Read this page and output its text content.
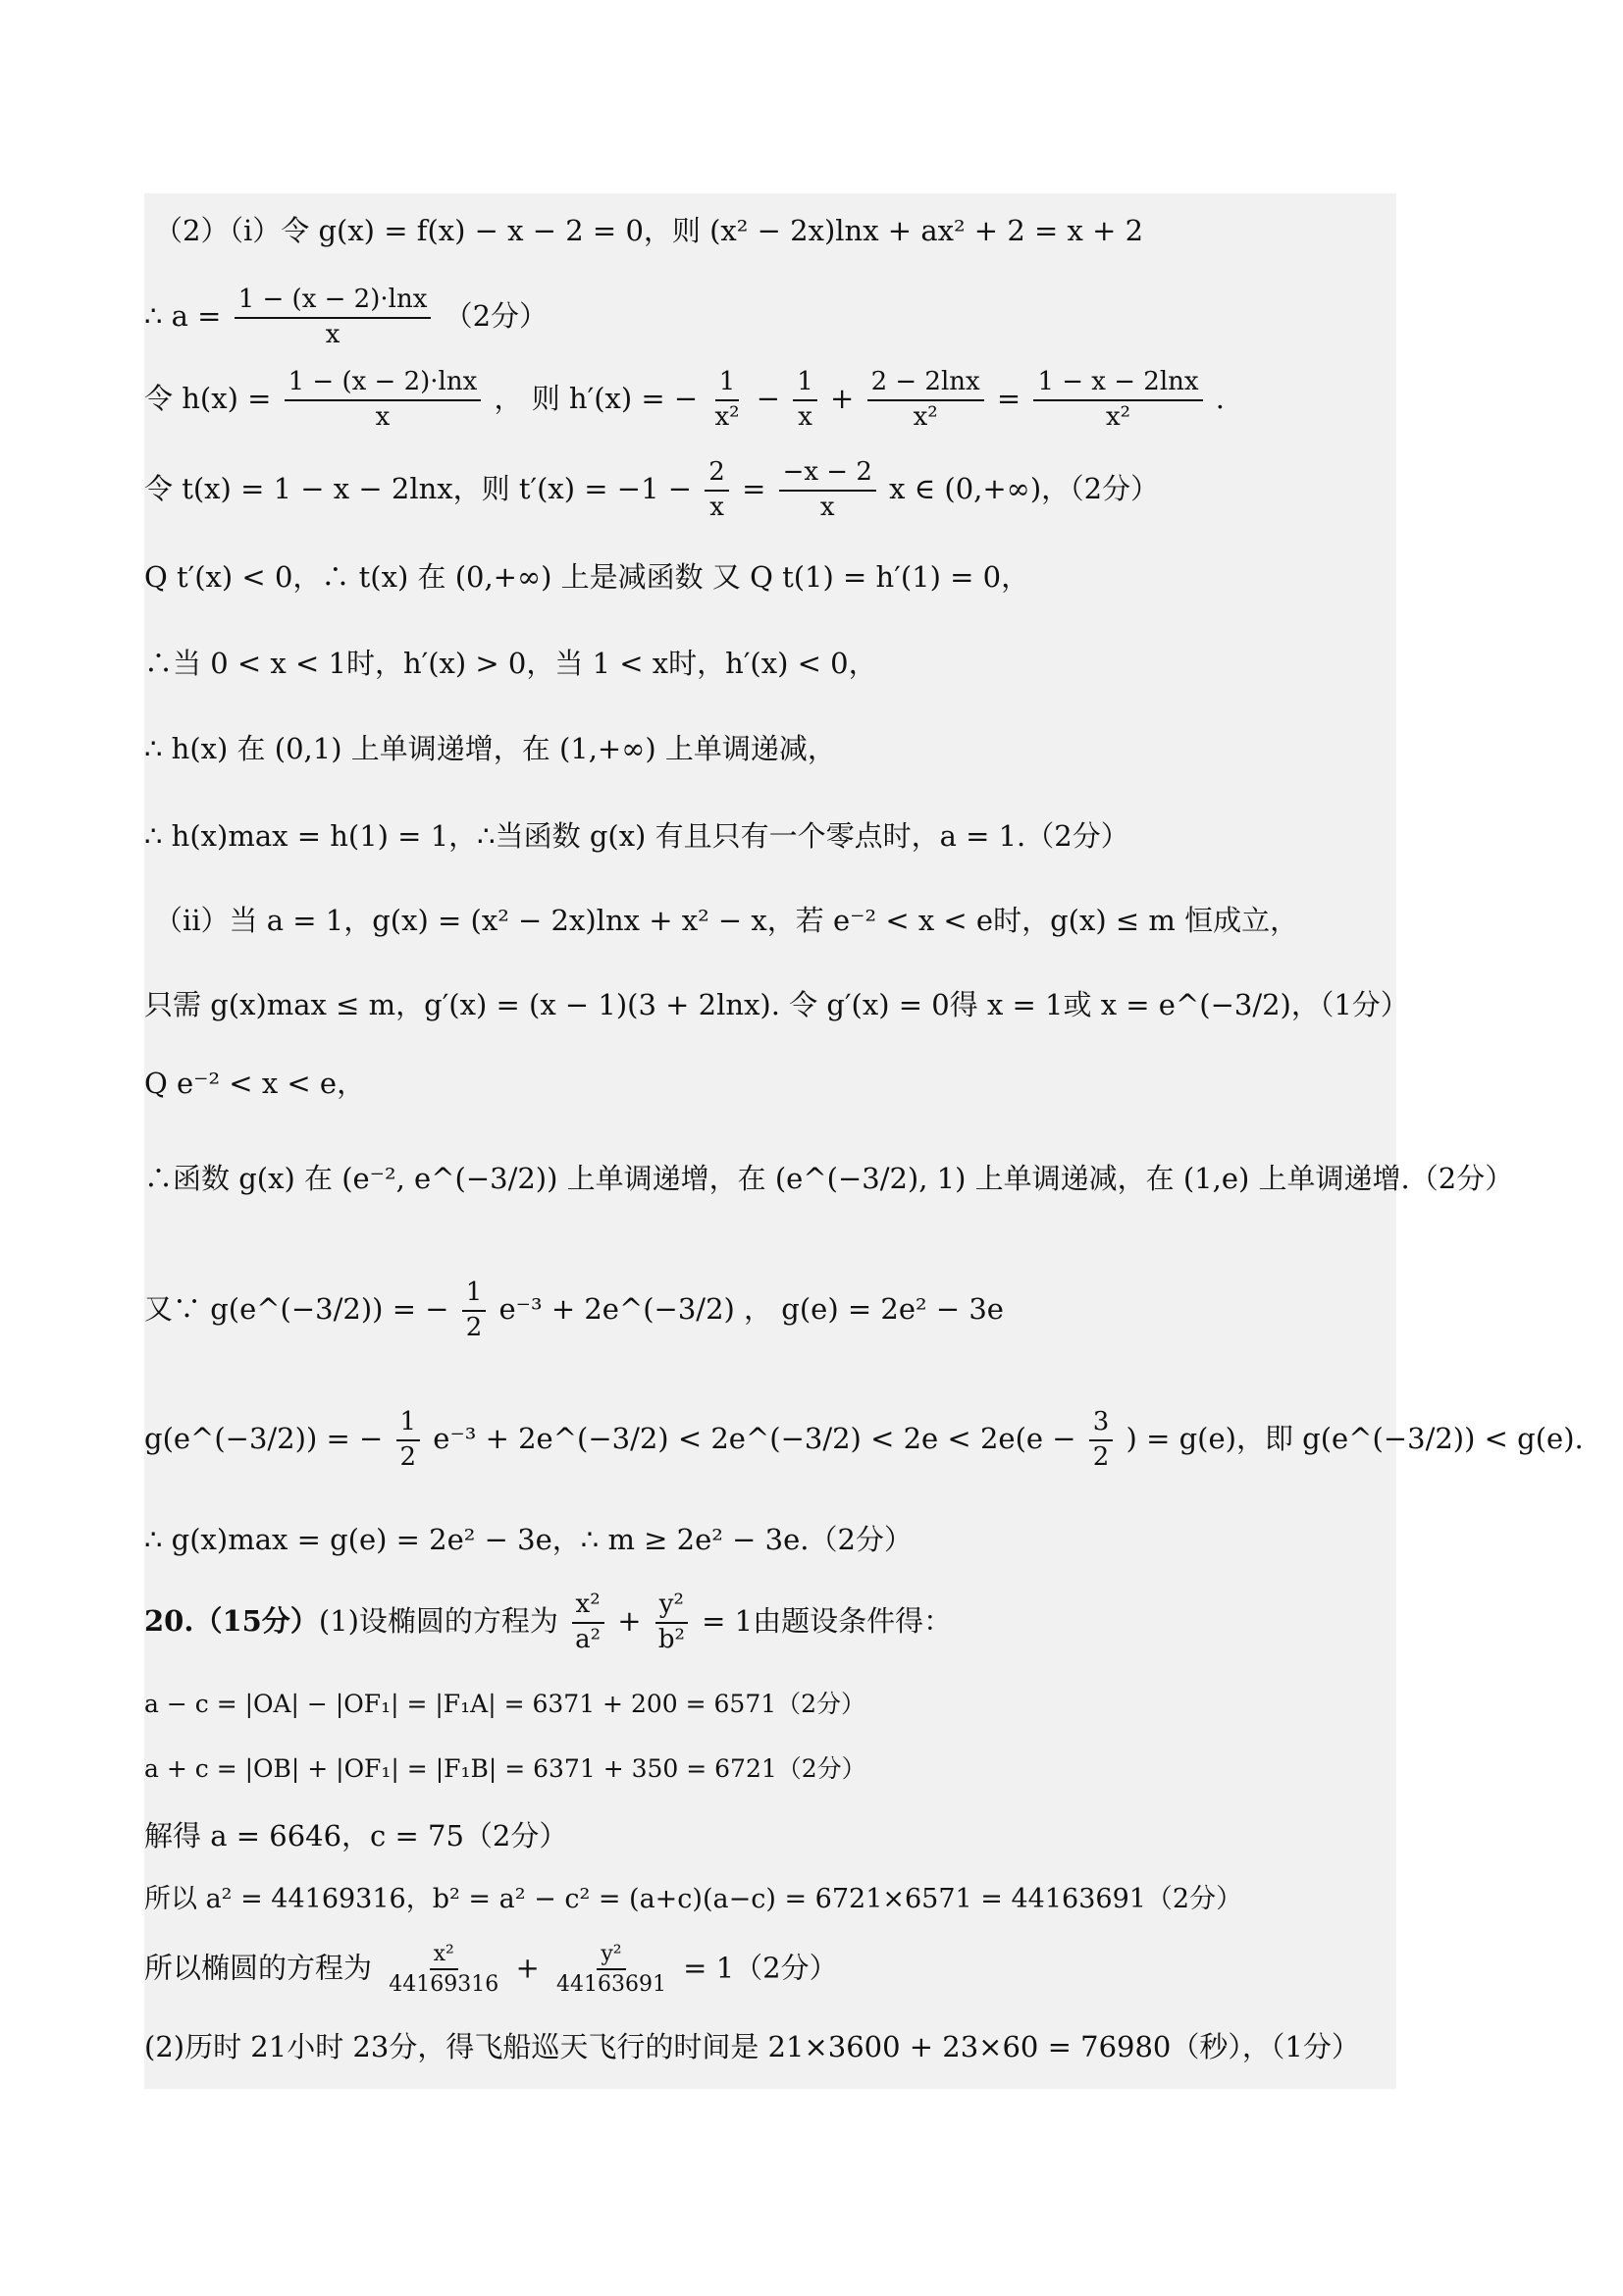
（2）（ⅰ）令 g(x) = f(x) − x − 2 = 0，则 (x² − 2x)lnx + ax² + 2 = x + 2
∴ $a = \frac{1 - (x - 2)\cdot\ln x}{x} (2$分）
令 $h(x) = \frac{1 - (x - 2)\cdot\ln x}{x}$ ， 则 h′(x) = − $\frac{1}{\text{x²}} - \frac{1}{x} + \frac{2 - 2\ln x}{\text{x²}} = \frac{1 - x - 2\ln x}{\text{x²}}$ .
令 t(x) = 1 − x − 2lnx，则 $t'(x) = -1 - \frac{2}{x} = \frac{-x - 2}{x}$ x ∈ (0,+∞)，（2分）
Q t′(x) < 0，∴ t(x) 在 (0,+∞) 上是减函数 又 Q t(1) = h′(1) = 0，
∴当 0 < x < 1时，h′(x) > 0，当 1 < x时，h′(x) < 0，
∴ h(x) 在 (0,1) 上单调递增，在 (1,+∞) 上单调递减，
∴ h(x)max = h(1) = 1，∴当函数 g(x) 有且只有一个零点时，a = 1.（2分）
（ⅱ）当 a = 1，g(x) = (x² − 2x)lnx + x² − x，若 e⁻² < x < e时，g(x) ≤ m 恒成立，
只需 g(x)max ≤ m，g′(x) = (x − 1)(3 + 2lnx). 令 g′(x) = 0得 x = 1或 x = e^(−3/2)，（1分）
Q e⁻² < x < e，
∴函数 g(x) 在 (e⁻², e^(−3/2)) 上单调递增，在 (e^(−3/2), 1) 上单调递减，在 (1,e) 上单调递增.（2分）
又∵ g(e^(−3/2)) = − $\frac{1}{2} e^{-3}$ + 2e^(−3/2) ， g(e) = 2e² − 3e
g(e^(−3/2)) = − $\frac{1}{2} e^{-3}$ + 2e^(−3/2) < 2e^(−3/2) < $2e < 2e(e - \frac{3}{2}$ ) = g(e)，即 g(e^(−3/2)) < g(e).
∴ g(x)max = g(e) = 2e² − 3e，∴ m ≥ 2e² − 3e.（2分）
20.（15分）(1)设椭圆的方程为 $\frac{\text{x²}}{\text{a²}} + \frac{\text{y²}}{\text{b²}} = 1$由题设条件得：
a − c = |OA| − |OF₁| = |F₁A| = 6371 + 200 = 6571（2分）
a + c = |OB| + |OF₁| = |F₁B| = 6371 + 350 = 6721（2分）
解得 a = 6646，c = 75（2分）
所以 a² = 44169316，b² = a² − c² = (a+c)(a−c) = 6721×6571 = 44163691（2分）
所以椭圆的方程为 $\frac{\text{x²}}{44169316} + \frac{\text{y²}}{44163691} = 1(2$分）
(2)历时 21小时 23分，得飞船巡天飞行的时间是 21×3600 + 23×60 = 76980（秒），（1分）
